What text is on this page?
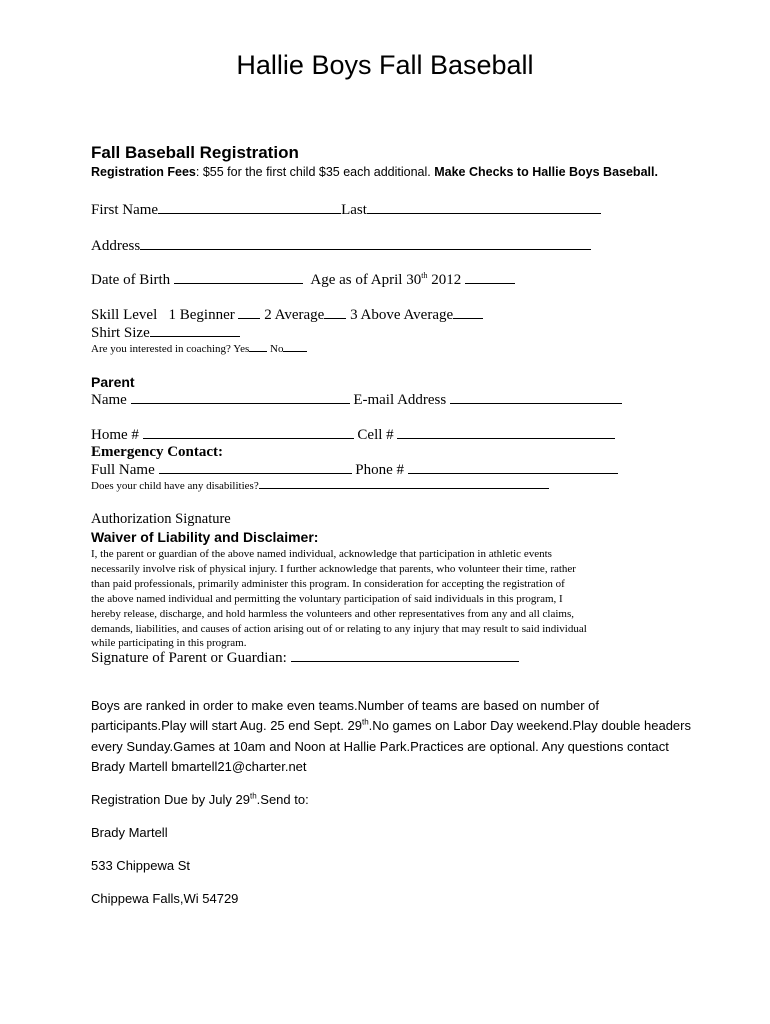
Hallie Boys Fall Baseball
Fall Baseball Registration
Registration Fees: $55 for the first child $35 each additional. Make Checks to Hallie Boys Baseball.
First Name	Last
Address
Date of Birth	Age as of April 30th 2012
Skill Level 1 Beginner 2 Average 3 Above Average
Shirt Size
Are you interested in coaching? Yes No
Parent
Name	E-mail Address
Home #	Cell #
Emergency Contact:
Full Name	Phone #
Does your child have any disabilities?
Authorization Signature
Waiver of Liability and Disclaimer:
I, the parent or guardian of the above named individual, acknowledge that participation in athletic events
necessarily involve risk of physical injury. I further acknowledge that parents, who volunteer their time, rather
than paid professionals, primarily administer this program. In consideration for accepting the registration of
the above named individual and permitting the voluntary participation of said individuals in this program, I
hereby release, discharge, and hold harmless the volunteers and other representatives from any and all claims,
demands, liabilities, and causes of action arising out of or relating to any injury that may result to said individual
while participating in this program.
Signature of Parent or Guardian:
Boys are ranked in order to make even teams.Number of teams are based on number of
participants.Play will start Aug. 25 end Sept. 29th.No games on Labor Day weekend.Play double headers
every Sunday.Games at 10am and Noon at Hallie Park.Practices are optional. Any questions contact
Brady Martell bmartell21@charter.net
Registration Due by July 29th.Send to:
Brady Martell
533 Chippewa St
Chippewa Falls,Wi 54729
